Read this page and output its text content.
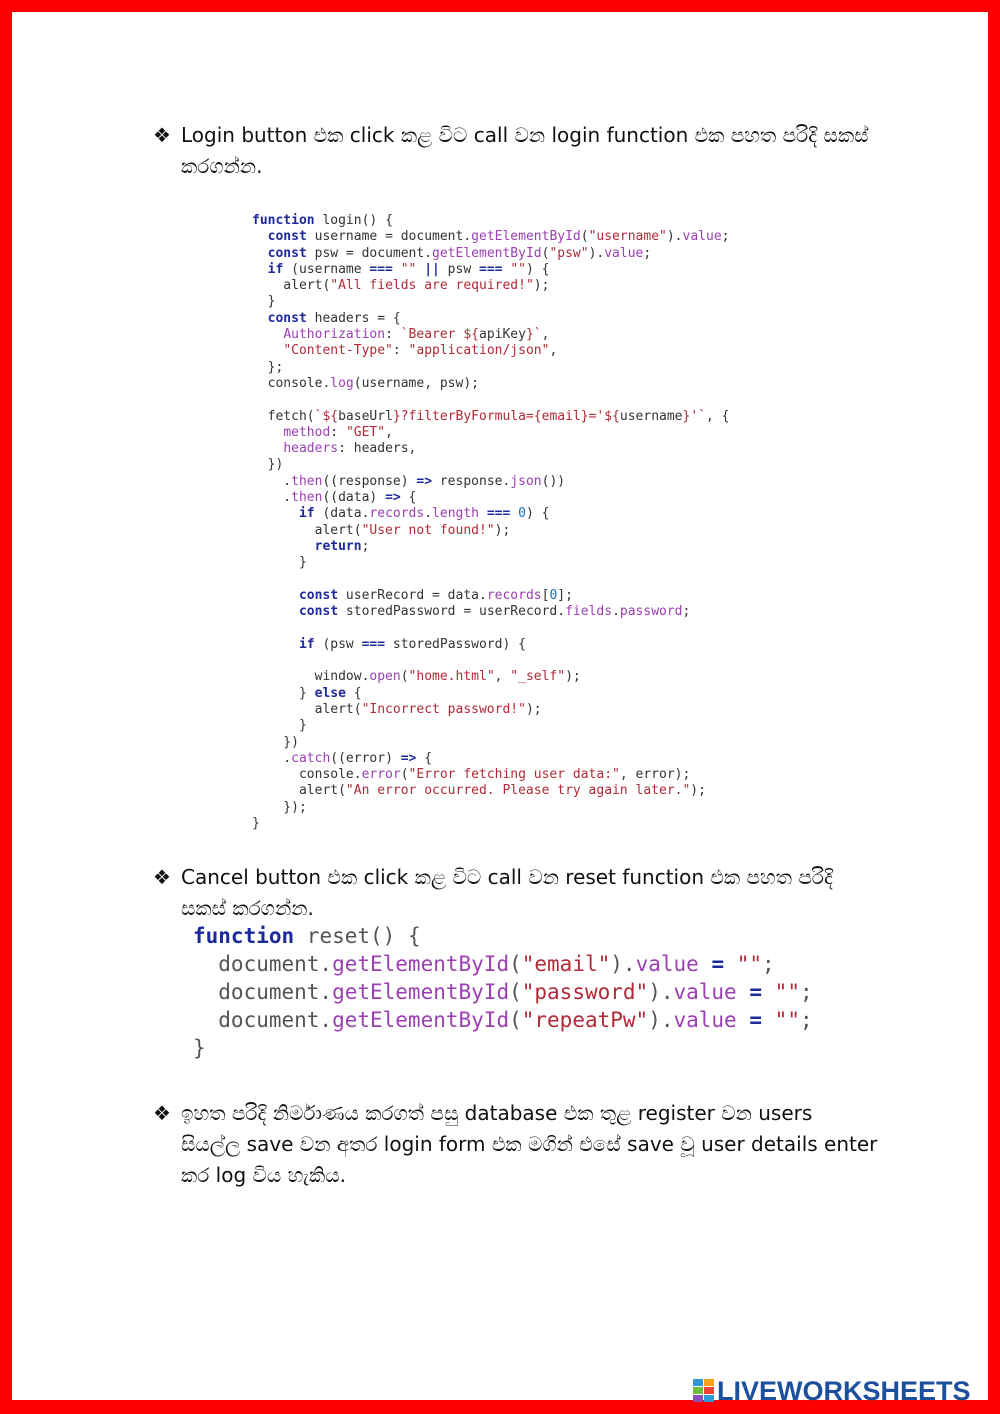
❖ Login button එක click කළ විට call වන login function එක පහත පරිදි සකස්
කරගන්න.
function login() {
const username = document.getElementById("username").value;
const psw = document.getElementById("psw").value;
if (username === "" || psw === "") {
alert("All fields are required!");
}
const headers = {
Authorization: `Bearer ${apiKey}`,
"Content-Type": "application/json",
};
console.log(username, psw);

fetch(`${baseUrl}?filterByFormula={email}='${username}'`, {
method: "GET",
headers: headers,
})
.then((response) => response.json())
.then((data) => {
if (data.records.length === 0) {
alert("User not found!");
return;
}

const userRecord = data.records[0];
const storedPassword = userRecord.fields.password;

if (psw === storedPassword) {

window.open("home.html", "_self");
} else {
alert("Incorrect password!");
}
})
.catch((error) => {
console.error("Error fetching user data:", error);
alert("An error occurred. Please try again later.");
});
}
❖ Cancel button එක click කළ විට call වන reset function එක පහත පරිදි
සකස් කරගන්න.
function reset() {
document.getElementById("email").value = "";
document.getElementById("password").value = "";
document.getElementById("repeatPw").value = "";
}
❖ ඉහත පරිදි නිර්මාණය කරගත් පසු database එක තුළ register වන users
සියල්ල save වන අතර login form එක මගින් එසේ save වූ user details enter
කර log විය හැකිය.
LIVEWORKSHEETS
